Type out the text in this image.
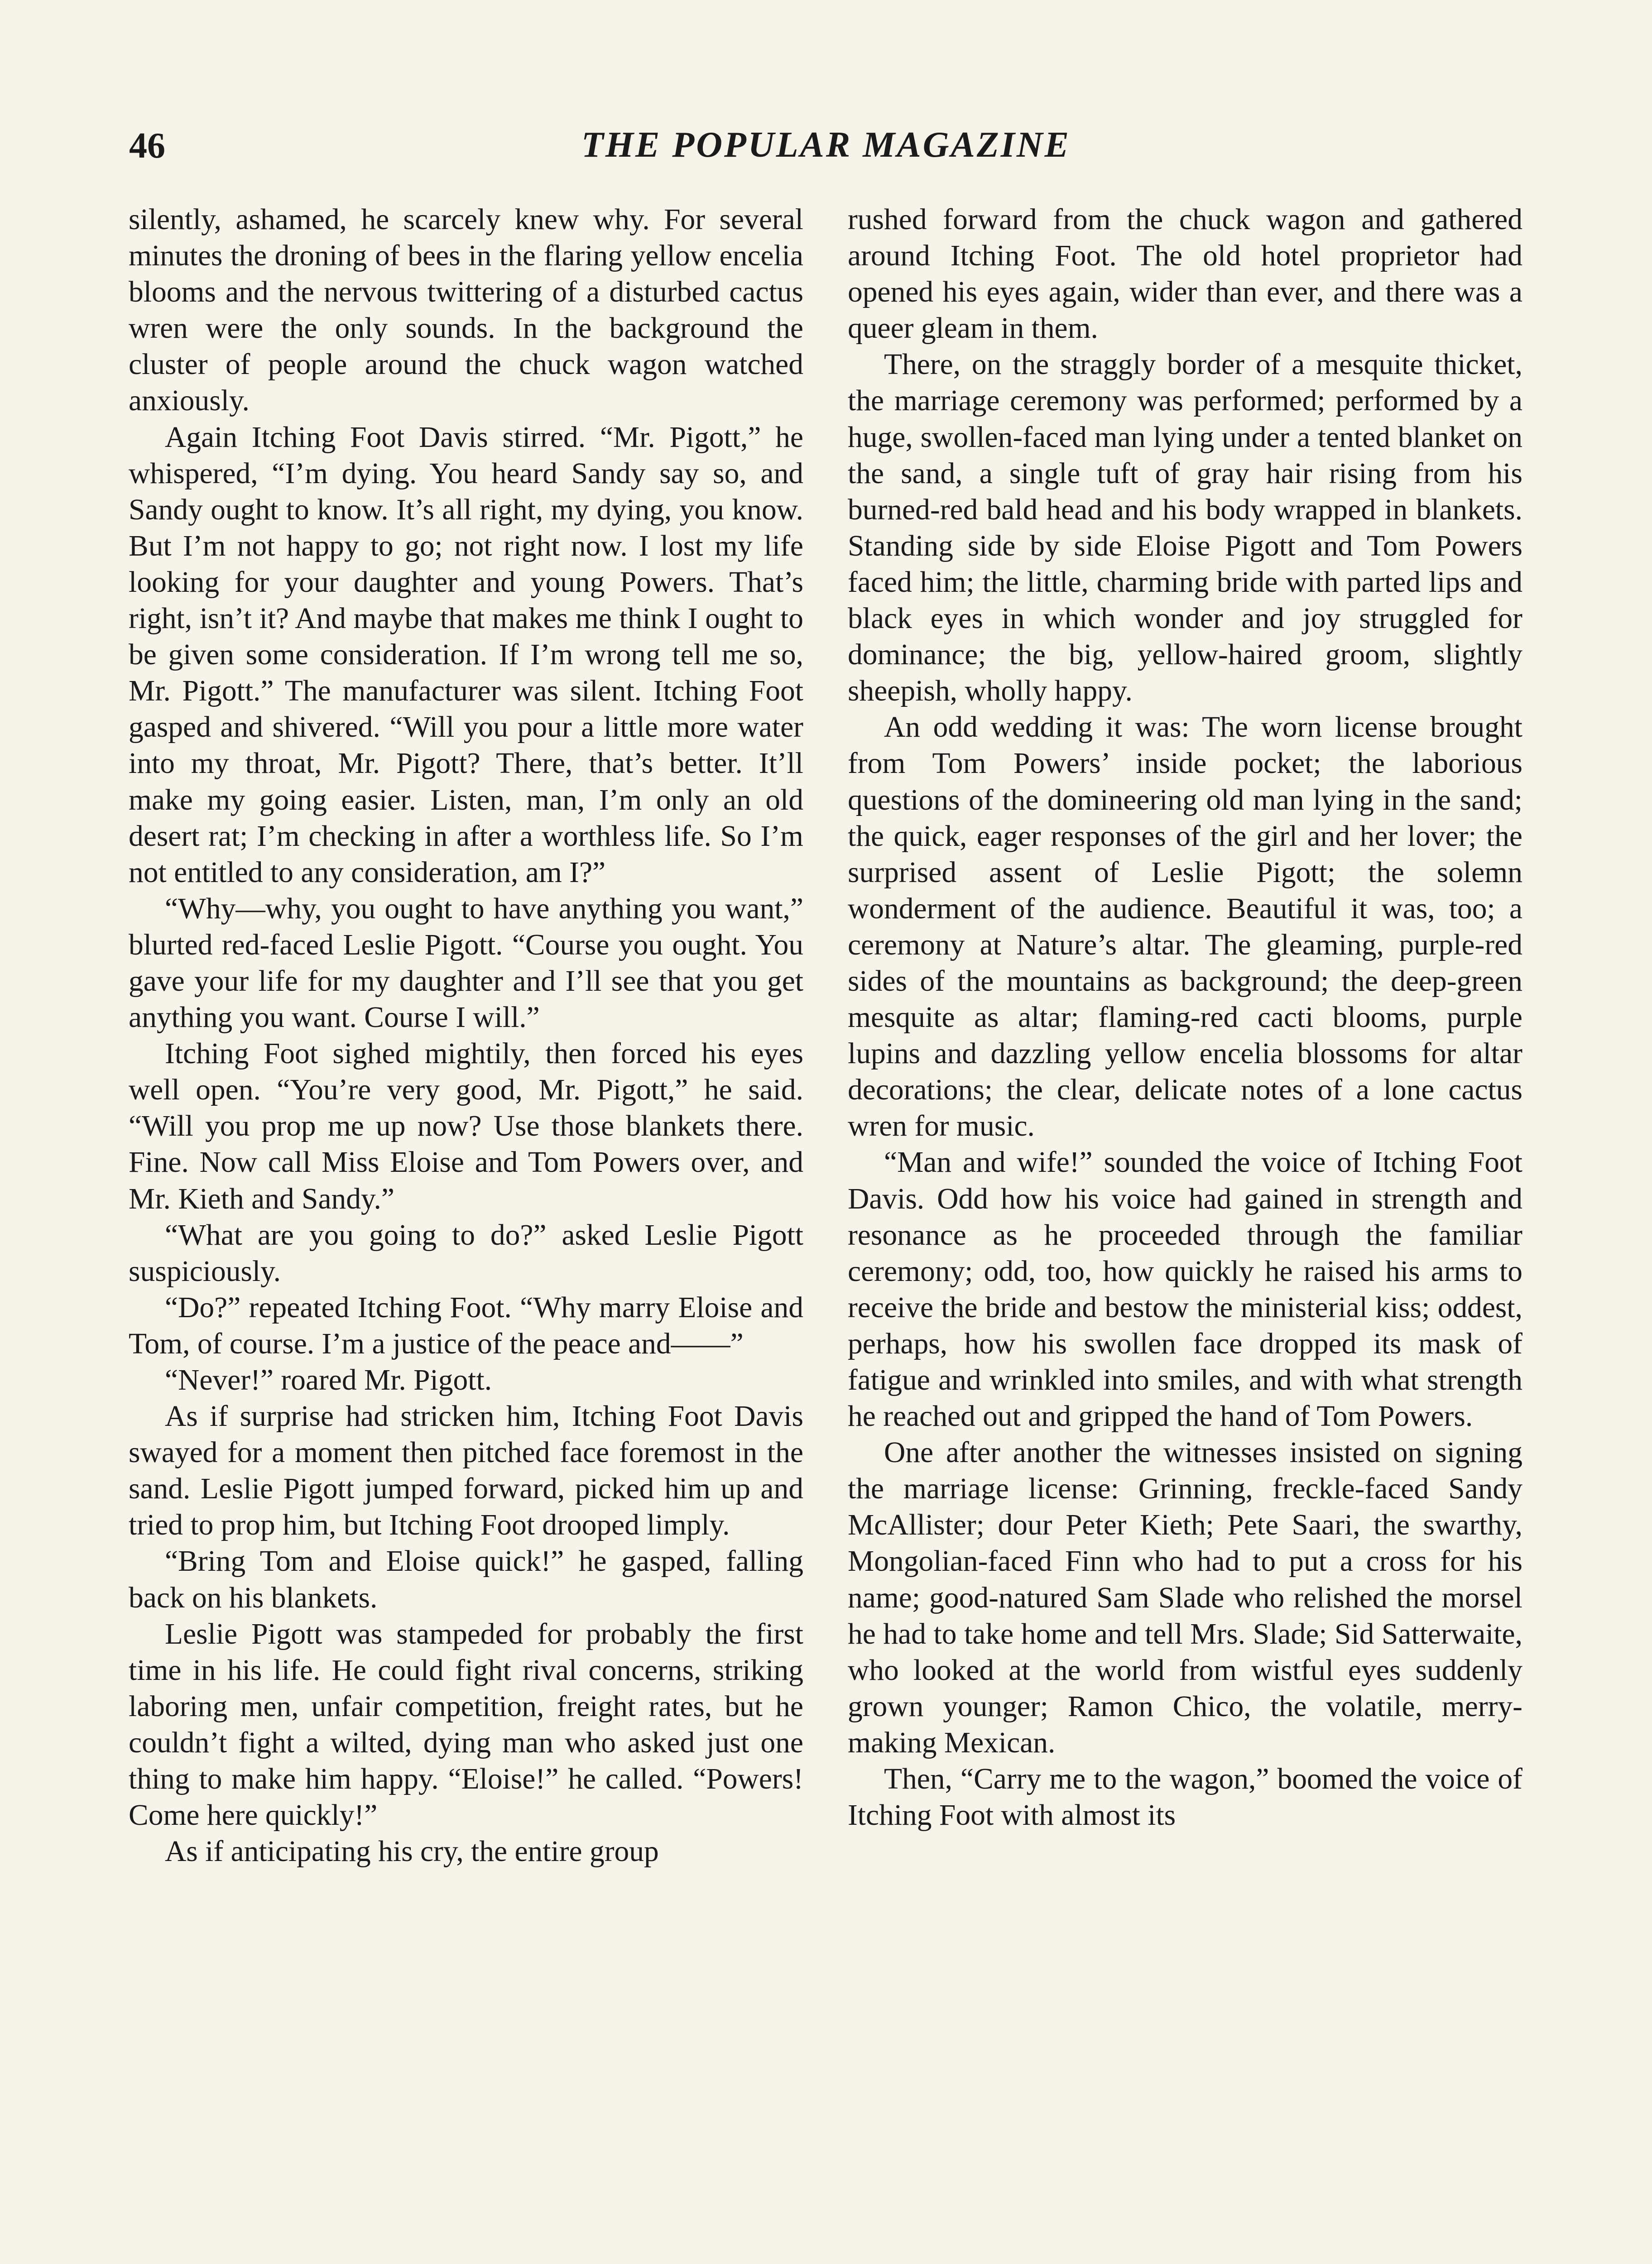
46	THE POPULAR MAGAZINE

silently, ashamed, he scarcely knew why. For several minutes the droning of bees in the flaring yellow encelia blooms and the nervous twittering of a disturbed cactus wren were the only sounds. In the background the cluster of people around the chuck wagon watched anxiously.

Again Itching Foot Davis stirred. “Mr. Pigott,” he whispered, “I’m dying. You heard Sandy say so, and Sandy ought to know. It’s all right, my dying, you know. But I’m not happy to go; not right now. I lost my life looking for your daughter and young Powers. That’s right, isn’t it? And maybe that makes me think I ought to be given some consideration. If I’m wrong tell me so, Mr. Pigott.” The manufacturer was silent. Itching Foot gasped and shivered. “Will you pour a little more water into my throat, Mr. Pigott? There, that’s better. It’ll make my going easier. Listen, man, I’m only an old desert rat; I’m checking in after a worthless life. So I’m not entitled to any consideration, am I?”

“Why—why, you ought to have anything you want,” blurted red-faced Leslie Pigott. “Course you ought. You gave your life for my daughter and I’ll see that you get anything you want. Course I will.”

Itching Foot sighed mightily, then forced his eyes well open. “You’re very good, Mr. Pigott,” he said. “Will you prop me up now? Use those blankets there. Fine. Now call Miss Eloise and Tom Powers over, and Mr. Kieth and Sandy.”

“What are you going to do?” asked Leslie Pigott suspiciously.

“Do?” repeated Itching Foot. “Why marry Eloise and Tom, of course. I’m a justice of the peace and——”

“Never!” roared Mr. Pigott.

As if surprise had stricken him, Itching Foot Davis swayed for a moment then pitched face foremost in the sand. Leslie Pigott jumped forward, picked him up and tried to prop him, but Itching Foot drooped limply.

“Bring Tom and Eloise quick!” he gasped, falling back on his blankets.

Leslie Pigott was stampeded for probably the first time in his life. He could fight rival concerns, striking laboring men, unfair competition, freight rates, but he couldn’t fight a wilted, dying man who asked just one thing to make him happy. “Eloise!” he called. “Powers! Come here quickly!”

As if anticipating his cry, the entire group

rushed forward from the chuck wagon and gathered around Itching Foot. The old hotel proprietor had opened his eyes again, wider than ever, and there was a queer gleam in them.

There, on the straggly border of a mesquite thicket, the marriage ceremony was performed; performed by a huge, swollen-faced man lying under a tented blanket on the sand, a single tuft of gray hair rising from his burned-red bald head and his body wrapped in blankets. Standing side by side Eloise Pigott and Tom Powers faced him; the little, charming bride with parted lips and black eyes in which wonder and joy struggled for dominance; the big, yellow-haired groom, slightly sheepish, wholly happy.

An odd wedding it was: The worn license brought from Tom Powers’ inside pocket; the laborious questions of the domineering old man lying in the sand; the quick, eager responses of the girl and her lover; the surprised assent of Leslie Pigott; the solemn wonderment of the audience. Beautiful it was, too; a ceremony at Nature’s altar. The gleaming, purple-red sides of the mountains as background; the deep-green mesquite as altar; flaming-red cacti blooms, purple lupins and dazzling yellow encelia blossoms for altar decorations; the clear, delicate notes of a lone cactus wren for music.

“Man and wife!” sounded the voice of Itching Foot Davis. Odd how his voice had gained in strength and resonance as he proceeded through the familiar ceremony; odd, too, how quickly he raised his arms to receive the bride and bestow the ministerial kiss; oddest, perhaps, how his swollen face dropped its mask of fatigue and wrinkled into smiles, and with what strength he reached out and gripped the hand of Tom Powers.

One after another the witnesses insisted on signing the marriage license: Grinning, freckle-faced Sandy McAllister; dour Peter Kieth; Pete Saari, the swarthy, Mongolian-faced Finn who had to put a cross for his name; good-natured Sam Slade who relished the morsel he had to take home and tell Mrs. Slade; Sid Satterwaite, who looked at the world from wistful eyes suddenly grown younger; Ramon Chico, the volatile, merry-making Mexican.

Then, “Carry me to the wagon,” boomed the voice of Itching Foot with almost its
